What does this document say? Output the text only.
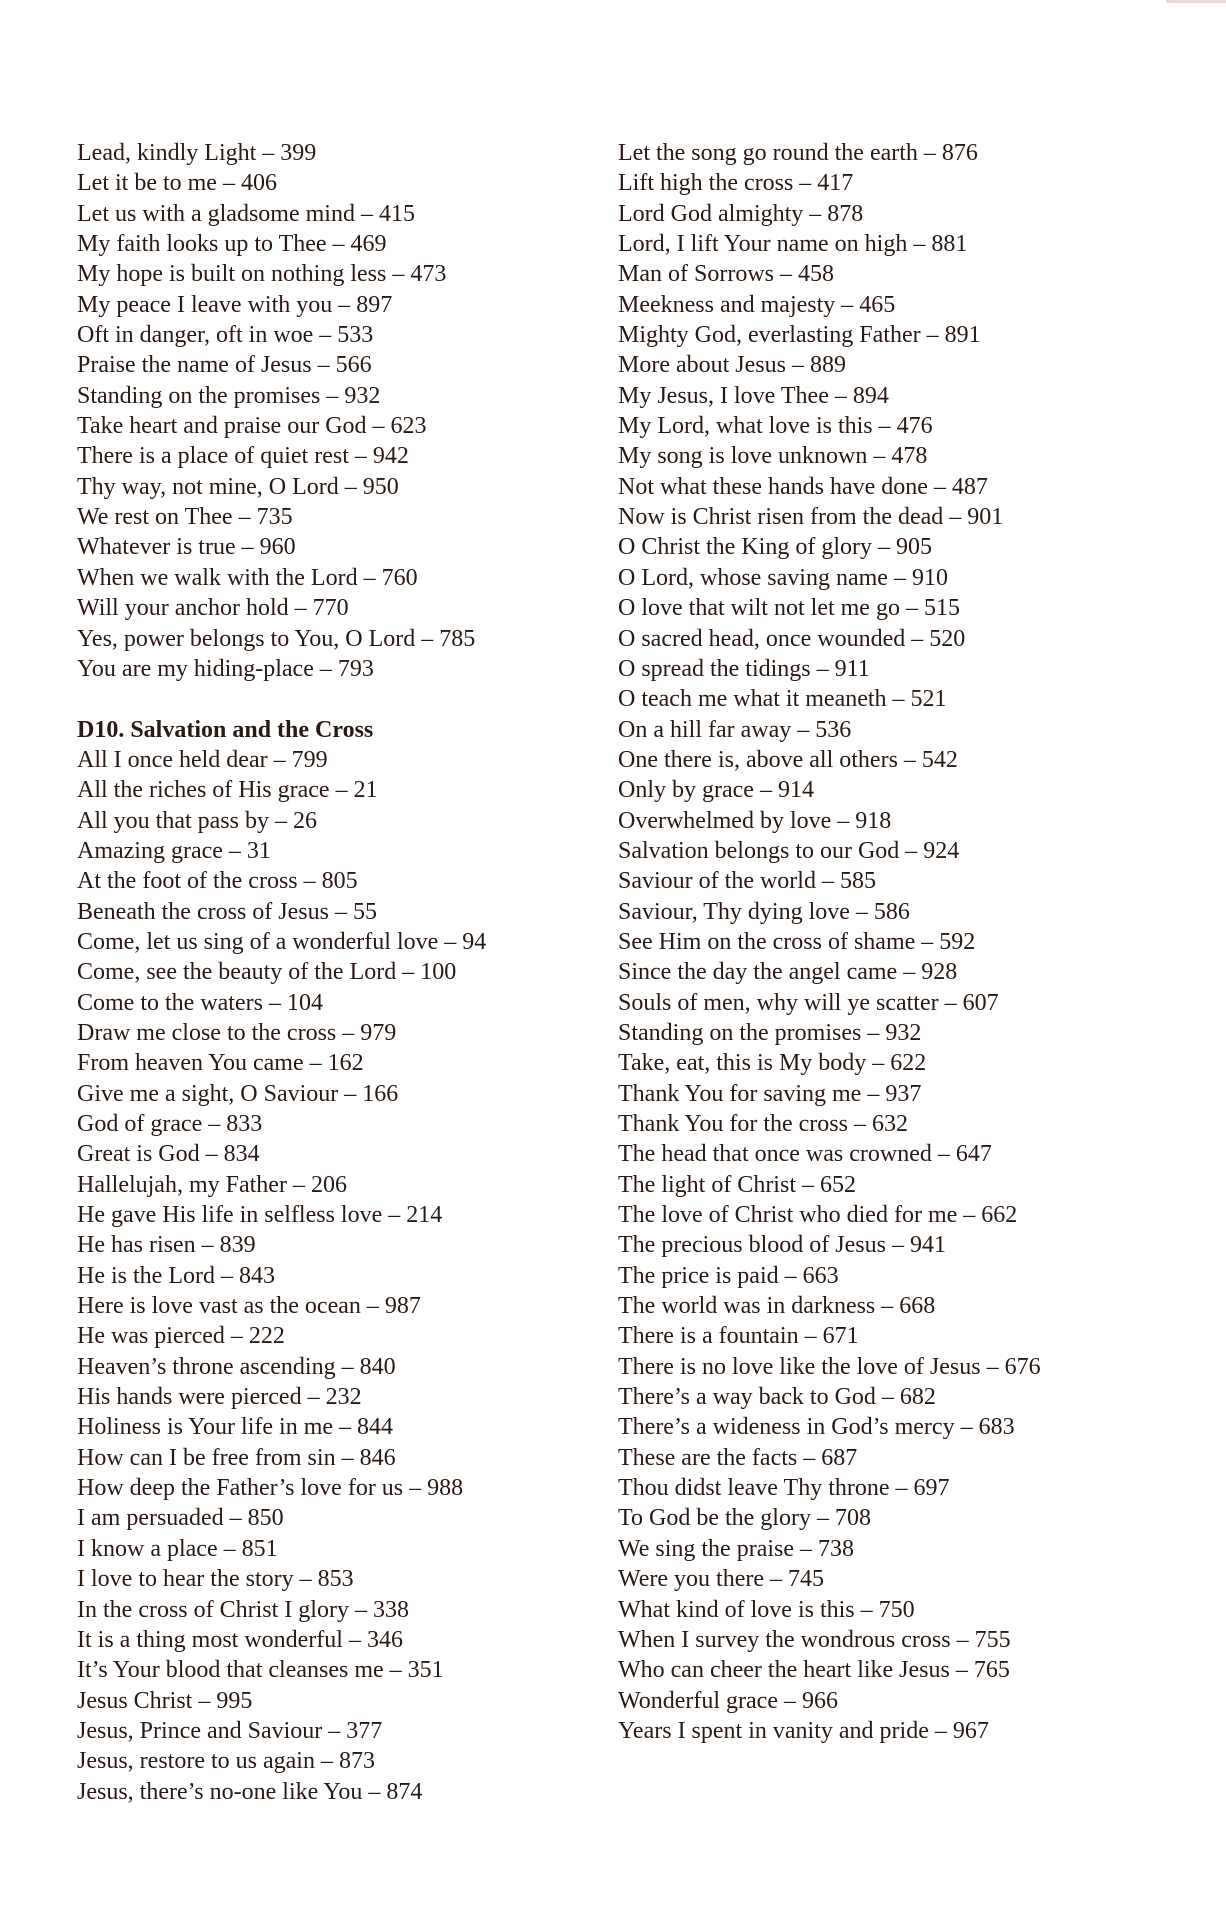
Lead, kindly Light – 399
Let it be to me – 406
Let us with a gladsome mind – 415
My faith looks up to Thee – 469
My hope is built on nothing less – 473
My peace I leave with you – 897
Oft in danger, oft in woe – 533
Praise the name of Jesus – 566
Standing on the promises – 932
Take heart and praise our God – 623
There is a place of quiet rest – 942
Thy way, not mine, O Lord – 950
We rest on Thee – 735
Whatever is true – 960
When we walk with the Lord – 760
Will your anchor hold – 770
Yes, power belongs to You, O Lord – 785
You are my hiding-place – 793
D10. Salvation and the Cross
All I once held dear – 799
All the riches of His grace – 21
All you that pass by – 26
Amazing grace – 31
At the foot of the cross – 805
Beneath the cross of Jesus – 55
Come, let us sing of a wonderful love – 94
Come, see the beauty of the Lord – 100
Come to the waters – 104
Draw me close to the cross – 979
From heaven You came – 162
Give me a sight, O Saviour – 166
God of grace – 833
Great is God – 834
Hallelujah, my Father – 206
He gave His life in selfless love – 214
He has risen – 839
He is the Lord – 843
Here is love vast as the ocean – 987
He was pierced – 222
Heaven’s throne ascending – 840
His hands were pierced – 232
Holiness is Your life in me – 844
How can I be free from sin – 846
How deep the Father’s love for us – 988
I am persuaded – 850
I know a place – 851
I love to hear the story – 853
In the cross of Christ I glory – 338
It is a thing most wonderful – 346
It’s Your blood that cleanses me – 351
Jesus Christ – 995
Jesus, Prince and Saviour – 377
Jesus, restore to us again – 873
Jesus, there’s no-one like You – 874
Let the song go round the earth – 876
Lift high the cross – 417
Lord God almighty – 878
Lord, I lift Your name on high – 881
Man of Sorrows – 458
Meekness and majesty – 465
Mighty God, everlasting Father – 891
More about Jesus – 889
My Jesus, I love Thee – 894
My Lord, what love is this – 476
My song is love unknown – 478
Not what these hands have done – 487
Now is Christ risen from the dead – 901
O Christ the King of glory – 905
O Lord, whose saving name – 910
O love that wilt not let me go – 515
O sacred head, once wounded – 520
O spread the tidings – 911
O teach me what it meaneth – 521
On a hill far away – 536
One there is, above all others – 542
Only by grace – 914
Overwhelmed by love – 918
Salvation belongs to our God – 924
Saviour of the world – 585
Saviour, Thy dying love – 586
See Him on the cross of shame – 592
Since the day the angel came – 928
Souls of men, why will ye scatter – 607
Standing on the promises – 932
Take, eat, this is My body – 622
Thank You for saving me – 937
Thank You for the cross – 632
The head that once was crowned – 647
The light of Christ – 652
The love of Christ who died for me – 662
The precious blood of Jesus – 941
The price is paid – 663
The world was in darkness – 668
There is a fountain – 671
There is no love like the love of Jesus – 676
There’s a way back to God – 682
There’s a wideness in God’s mercy – 683
These are the facts – 687
Thou didst leave Thy throne – 697
To God be the glory – 708
We sing the praise – 738
Were you there – 745
What kind of love is this – 750
When I survey the wondrous cross – 755
Who can cheer the heart like Jesus – 765
Wonderful grace – 966
Years I spent in vanity and pride – 967
